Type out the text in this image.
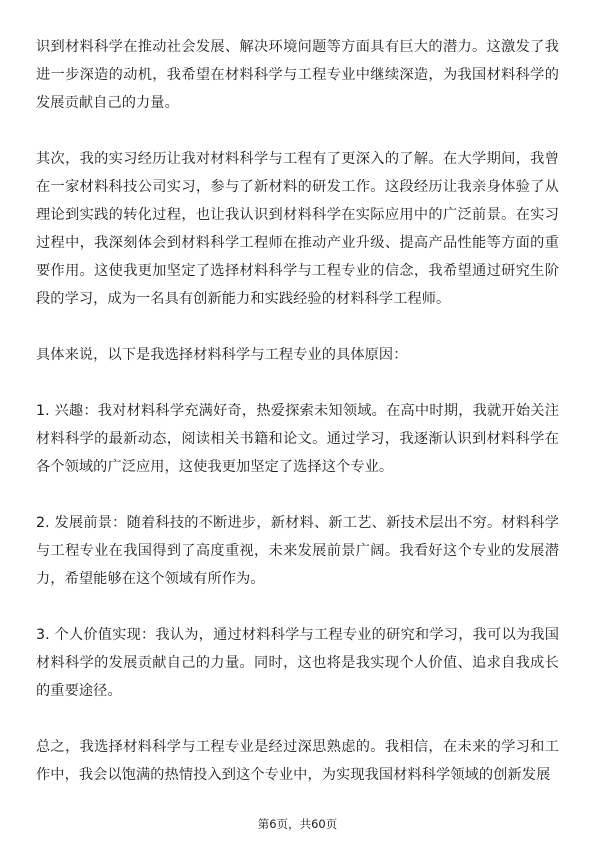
识到材料科学在推动社会发展、解决环境问题等方面具有巨大的潜力。这激发了我进一步深造的动机，我希望在材料科学与工程专业中继续深造，为我国材料科学的发展贡献自己的力量。

其次，我的实习经历让我对材料科学与工程有了更深入的了解。在大学期间，我曾在一家材料科技公司实习，参与了新材料的研发工作。这段经历让我亲身体验了从理论到实践的转化过程，也让我认识到材料科学在实际应用中的广泛前景。在实习过程中，我深刻体会到材料科学工程师在推动产业升级、提高产品性能等方面的重要作用。这使我更加坚定了选择材料科学与工程专业的信念，我希望通过研究生阶段的学习，成为一名具有创新能力和实践经验的材料科学工程师。

具体来说，以下是我选择材料科学与工程专业的具体原因：

1. 兴趣：我对材料科学充满好奇，热爱探索未知领域。在高中时期，我就开始关注材料科学的最新动态，阅读相关书籍和论文。通过学习，我逐渐认识到材料科学在各个领域的广泛应用，这使我更加坚定了选择这个专业。

2. 发展前景：随着科技的不断进步，新材料、新工艺、新技术层出不穷。材料科学与工程专业在我国得到了高度重视，未来发展前景广阔。我看好这个专业的发展潜力，希望能够在这个领域有所作为。

3. 个人价值实现：我认为，通过材料科学与工程专业的研究和学习，我可以为我国材料科学的发展贡献自己的力量。同时，这也将是我实现个人价值、追求自我成长的重要途径。

总之，我选择材料科学与工程专业是经过深思熟虑的。我相信，在未来的学习和工作中，我会以饱满的热情投入到这个专业中，为实现我国材料科学领域的创新发展

第6页，共60页
